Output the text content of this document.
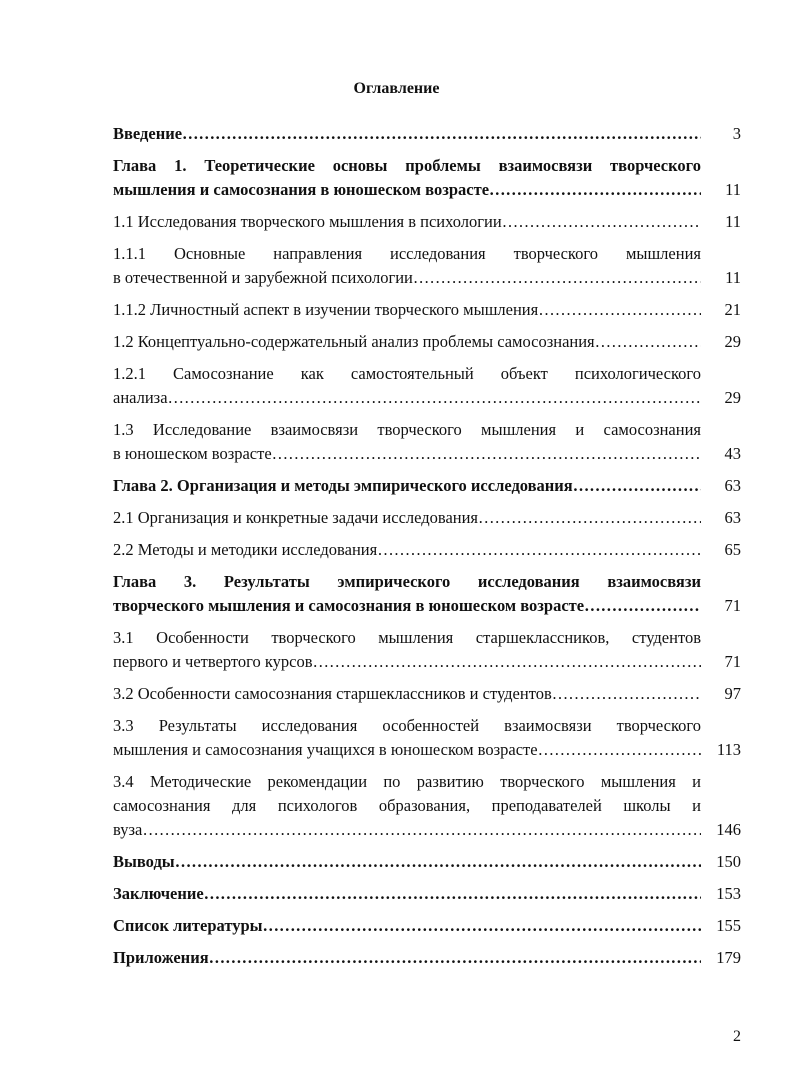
Оглавление
Введение ……………………………………………………………………………………………………………………………………………………………………………………………………	3
Глава 1. Теоретические основы проблемы взаимосвязи творческого
мышления и самосознания в юношеском возрасте ……………………………………………………………………………………………………………………………………………………………………………………………………	11
1.1 Исследования творческого мышления в психологии ……………………………………………………………………………………………………………………………………………………………………………………………………	11
1.1.1 Основные направления исследования творческого мышления
в отечественной и зарубежной психологии ……………………………………………………………………………………………………………………………………………………………………………………………………	11
1.1.2 Личностный аспект в изучении творческого мышления ……………………………………………………………………………………………………………………………………………………………………………………………………	21
1.2 Концептуально-содержательный анализ проблемы самосознания ……………………………………………………………………………………………………………………………………………………………………………………………………	29
1.2.1 Самосознание как самостоятельный объект психологического
анализа ……………………………………………………………………………………………………………………………………………………………………………………………………	29
1.3 Исследование взаимосвязи творческого мышления и самосознания
в юношеском возрасте ……………………………………………………………………………………………………………………………………………………………………………………………………	43
Глава 2. Организация и методы эмпирического исследования ……………………………………………………………………………………………………………………………………………………………………………………………………	63
2.1 Организация и конкретные задачи исследования ……………………………………………………………………………………………………………………………………………………………………………………………………	63
2.2 Методы и методики исследования ……………………………………………………………………………………………………………………………………………………………………………………………………	65
Глава 3. Результаты эмпирического исследования взаимосвязи
творческого мышления и самосознания в юношеском возрасте ……………………………………………………………………………………………………………………………………………………………………………………………………	71
3.1 Особенности творческого мышления старшеклассников, студентов
первого и четвертого курсов ……………………………………………………………………………………………………………………………………………………………………………………………………	71
3.2 Особенности самосознания старшеклассников и студентов ……………………………………………………………………………………………………………………………………………………………………………………………………	97
3.3 Результаты исследования особенностей взаимосвязи творческого
мышления и самосознания учащихся в юношеском возрасте ……………………………………………………………………………………………………………………………………………………………………………………………………	113
3.4 Методические рекомендации по развитию творческого мышления и самосознания для психологов образования, преподавателей школы и
вуза ……………………………………………………………………………………………………………………………………………………………………………………………………	146
Выводы ……………………………………………………………………………………………………………………………………………………………………………………………………	150
Заключение ……………………………………………………………………………………………………………………………………………………………………………………………………	153
Список литературы ……………………………………………………………………………………………………………………………………………………………………………………………………	155
Приложения ……………………………………………………………………………………………………………………………………………………………………………………………………	179
2
